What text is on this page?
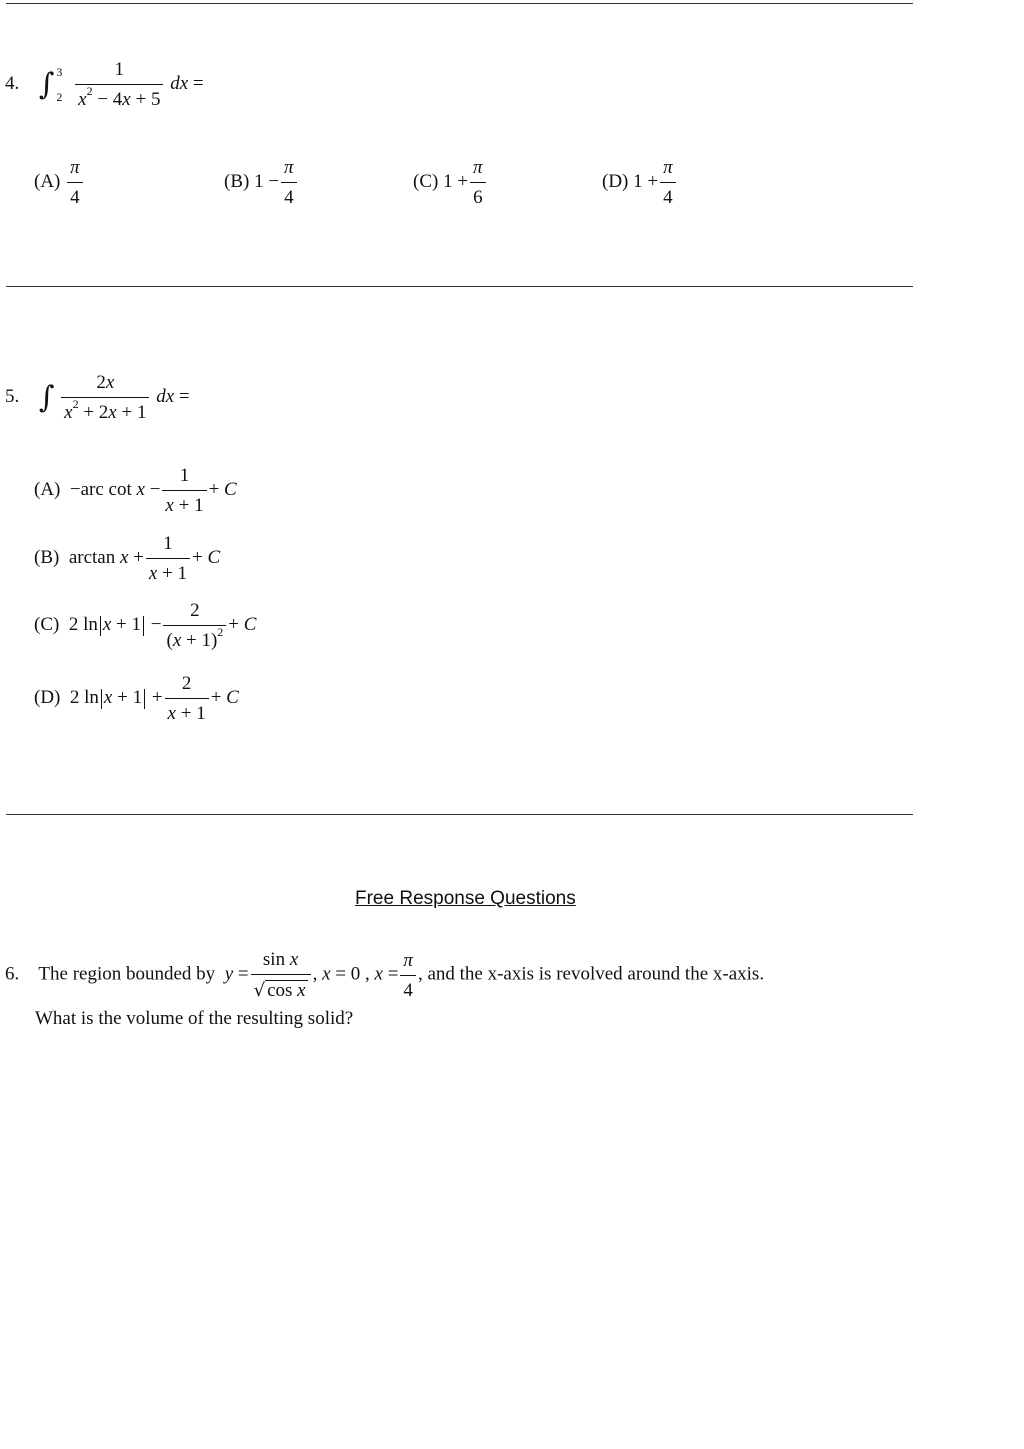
4. ∫ 3
2
$\frac{1}{x^2 - 4x + 5}$ dx =
$(A) \frac{\pi}{4}$	(B) $1 - \frac{\pi}{4}$	(C) $1 + \frac{\pi}{6}$	(D) $1 + \frac{\pi}{4}$
5. ∫ $\frac{2x}{x^2 + 2x + 1}$ dx =
(A)  −arc $\cot x - \frac{1}{x + 1} + C$
(B)  $\arctan x + \frac{1}{x + 1} + C$
(C)  2 $\ln x + 1 - \frac{2}{(x + 1)^2} + C$
(D)  2 $\ln x + 1 + \frac{2}{x + 1} + C$
Free Response Questions
6. The region bounded by $y = \frac{\text{sin x}}{\text{√ cos x}}$ , x = 0 , $x = \frac{\pi}{4}$ , and the x-axis is revolved around the x-axis.
What is the volume of the resulting solid?
